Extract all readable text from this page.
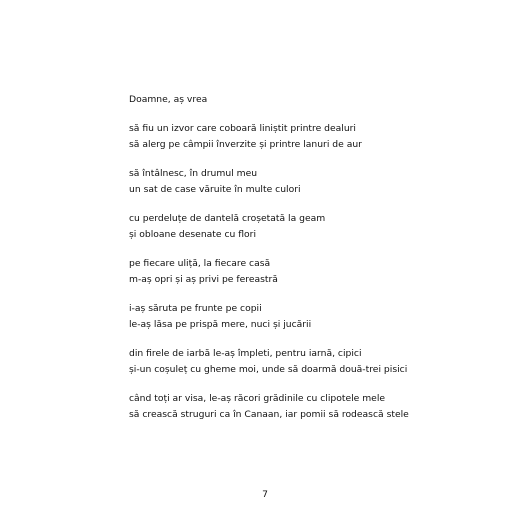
Doamne, aș vrea
să fiu un izvor care coboară liniștit printre dealuri
să alerg pe câmpii înverzite și printre lanuri de aur
să întâlnesc, în drumul meu
un sat de case văruite în multe culori
cu perdeluțe de dantelă croșetată la geam
și obloane desenate cu flori
pe fiecare uliță, la fiecare casă
m-aș opri și aș privi pe fereastră
i-aș săruta pe frunte pe copii
le-aș lăsa pe prispă mere, nuci și jucării
din firele de iarbă le-aș împleti, pentru iarnă, cipici
și-un coșuleț cu gheme moi, unde să doarmă două-trei pisici
când toți ar visa, le-aș răcori grădinile cu clipotele mele
să crească struguri ca în Canaan, iar pomii să rodească stele
7
